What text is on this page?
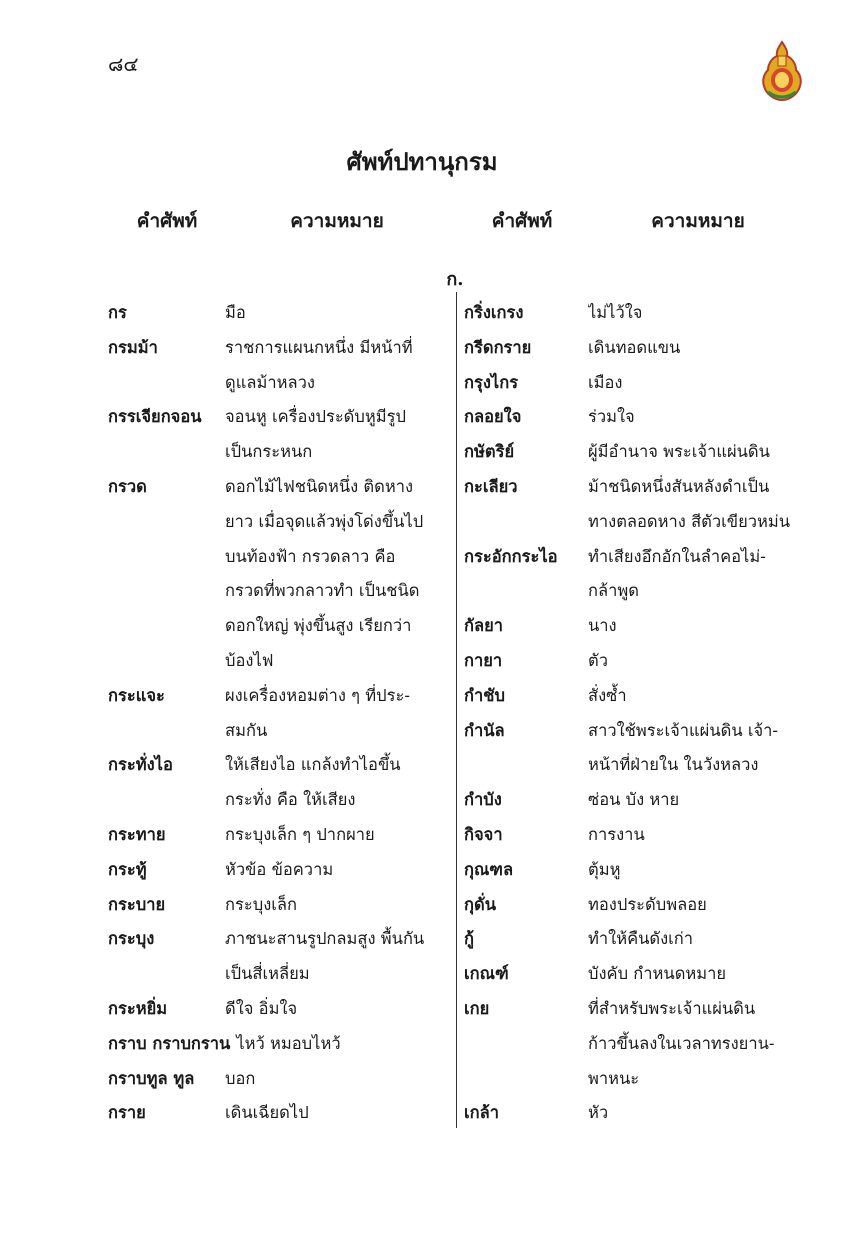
๘๔
ศัพท์ปทานุกรม
คำศัพท์	ความหมาย	คำศัพท์	ความหมาย
ก.
กร	มือ
กรมม้า	ราชการแผนกหนึ่ง มีหน้าที่
ดูแลม้าหลวง
กรรเจียกจอน	จอนหู เครื่องประดับหูมีรูป
เป็นกระหนก
กรวด	ดอกไม้ไฟชนิดหนึ่ง ติดหาง
ยาว เมื่อจุดแล้วพุ่งโด่งขึ้นไป
บนท้องฟ้า กรวดลาว คือ
กรวดที่พวกลาวทำ เป็นชนิด
ดอกใหญ่ พุ่งขึ้นสูง เรียกว่า
บ้องไฟ
กระแจะ	ผงเครื่องหอมต่าง ๆ ที่ประ-
สมกัน
กระทั่งไอ	ให้เสียงไอ แกล้งทำไอขึ้น
กระทั่ง คือ ให้เสียง
กระทาย	กระบุงเล็ก ๆ ปากผาย
กระทู้	หัวข้อ ข้อความ
กระบาย	กระบุงเล็ก
กระบุง	ภาชนะสานรูปกลมสูง พื้นกัน
เป็นสี่เหลี่ยม
กระหยิ่ม	ดีใจ อิ่มใจ
กราบ กราบกราน ไหว้ หมอบไหว้
กราบทูล ทูล	บอก
กราย	เดินเฉียดไป
กริ่งเกรง	ไม่ไว้ใจ
กรีดกราย	เดินทอดแขน
กรุงไกร	เมือง
กลอยใจ	ร่วมใจ
กษัตริย์	ผู้มีอำนาจ พระเจ้าแผ่นดิน
กะเลียว	ม้าชนิดหนึ่งสันหลังดำเป็น
ทางตลอดหาง สีตัวเขียวหม่น
กระอักกระไอ	ทำเสียงอึกอักในลำคอไม่-
กล้าพูด
กัลยา	นาง
กายา	ตัว
กำชับ	สั่งซ้ำ
กำนัล	สาวใช้พระเจ้าแผ่นดิน เจ้า-
หน้าที่ฝ่ายใน ในวังหลวง
กำบัง	ซ่อน บัง หาย
กิจจา	การงาน
กุณฑล	ตุ้มหู
กุดั่น	ทองประดับพลอย
กู้	ทำให้คืนดังเก่า
เกณฑ์	บังคับ กำหนดหมาย
เกย	ที่สำหรับพระเจ้าแผ่นดิน
ก้าวขึ้นลงในเวลาทรงยาน-
พาหนะ
เกล้า	หัว
